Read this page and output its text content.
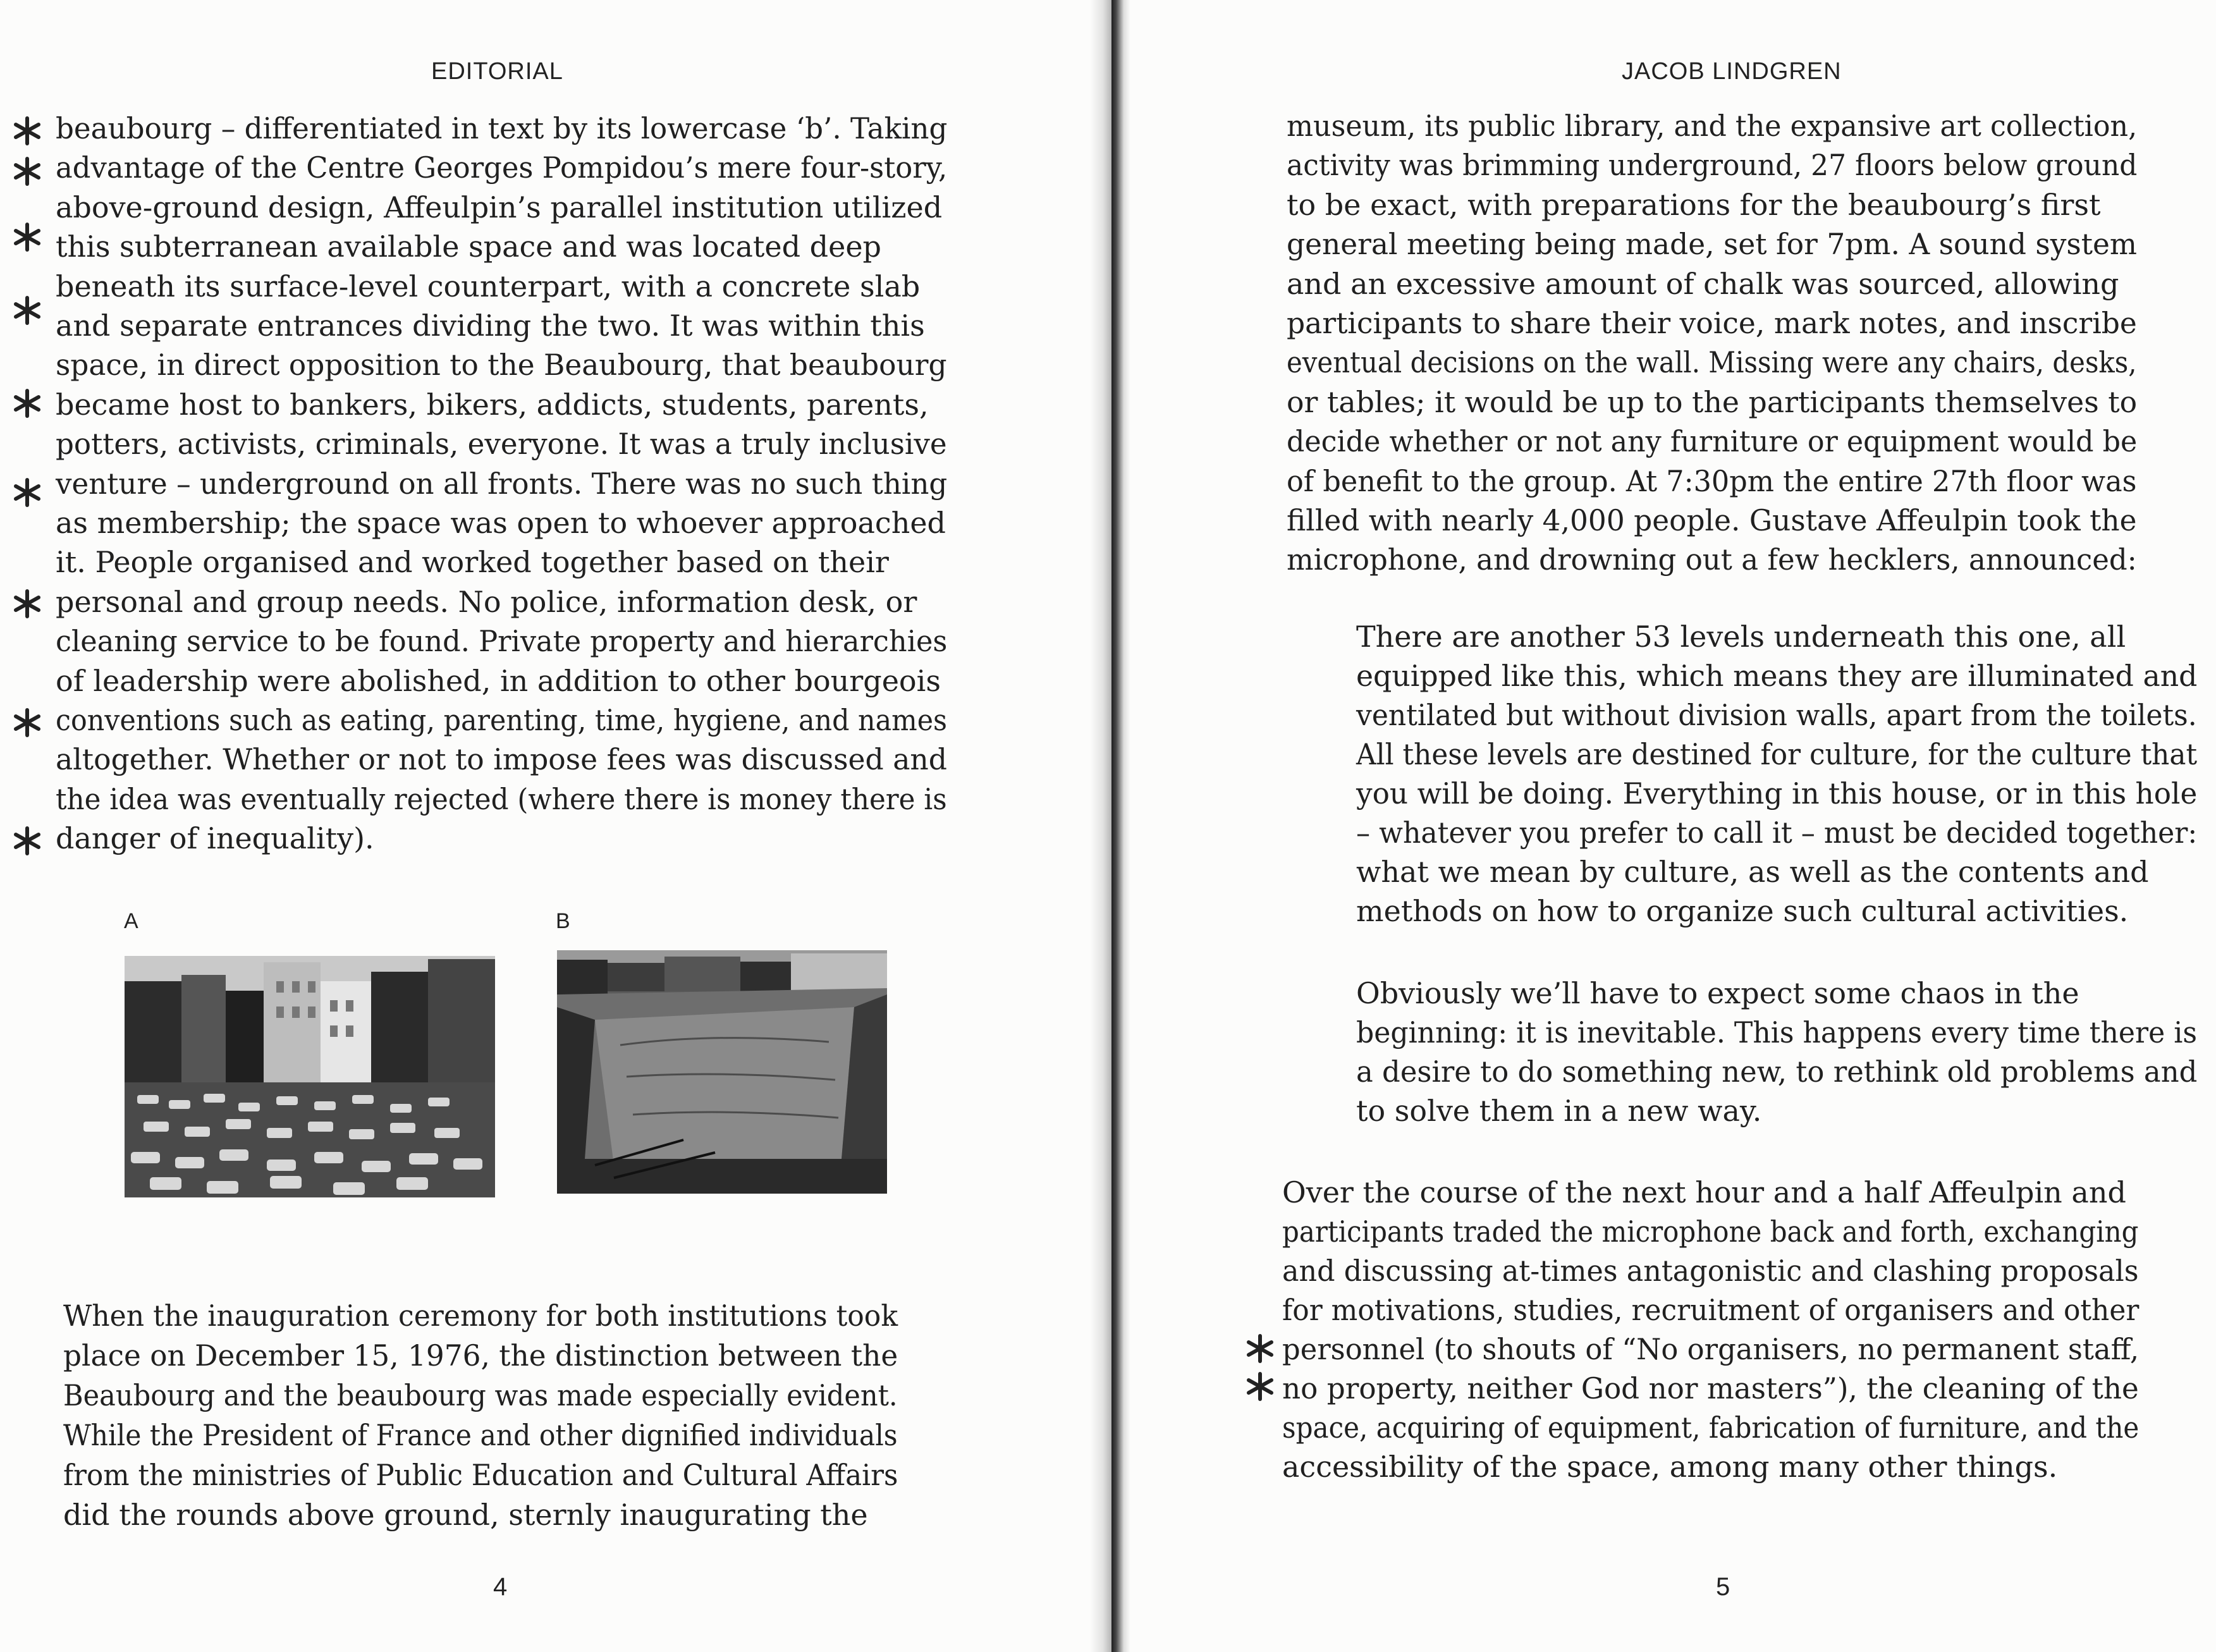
EDITORIAL
beaubourg – differentiated in text by its lowercase ‘b’. Taking
advantage of the Centre Georges Pompidou’s mere four-story,
above-ground design, Affeulpin’s parallel institution utilized
this subterranean available space and was located deep
beneath its surface-level counterpart, with a concrete slab
and separate entrances dividing the two. It was within this
space, in direct opposition to the Beaubourg, that beaubourg
became host to bankers, bikers, addicts, students, parents,
potters, activists, criminals, everyone. It was a truly inclusive
venture – underground on all fronts. There was no such thing
as membership; the space was open to whoever approached
it. People organised and worked together based on their
personal and group needs. No police, information desk, or
cleaning service to be found. Private property and hierarchies
of leadership were abolished, in addition to other bourgeois
conventions such as eating, parenting, time, hygiene, and names
altogether. Whether or not to impose fees was discussed and
the idea was eventually rejected (where there is money there is
danger of inequality).
A	B
When the inauguration ceremony for both institutions took
place on December 15, 1976, the distinction between the
Beaubourg and the beaubourg was made especially evident.
While the President of France and other dignified individuals
from the ministries of Public Education and Cultural Affairs
did the rounds above ground, sternly inaugurating the
4
JACOB LINDGREN
museum, its public library, and the expansive art collection,
activity was brimming underground, 27 floors below ground
to be exact, with preparations for the beaubourg’s first
general meeting being made, set for 7pm. A sound system
and an excessive amount of chalk was sourced, allowing
participants to share their voice, mark notes, and inscribe
eventual decisions on the wall. Missing were any chairs, desks,
or tables; it would be up to the participants themselves to
decide whether or not any furniture or equipment would be
of benefit to the group. At 7:30pm the entire 27th floor was
filled with nearly 4,000 people. Gustave Affeulpin took the
microphone, and drowning out a few hecklers, announced:
There are another 53 levels underneath this one, all
equipped like this, which means they are illuminated and
ventilated but without division walls, apart from the toilets.
All these levels are destined for culture, for the culture that
you will be doing. Everything in this house, or in this hole
– whatever you prefer to call it – must be decided together:
what we mean by culture, as well as the contents and
methods on how to organize such cultural activities.
Obviously we’ll have to expect some chaos in the
beginning: it is inevitable. This happens every time there is
a desire to do something new, to rethink old problems and
to solve them in a new way.
Over the course of the next hour and a half Affeulpin and
participants traded the microphone back and forth, exchanging
and discussing at-times antagonistic and clashing proposals
for motivations, studies, recruitment of organisers and other
personnel (to shouts of “No organisers, no permanent staff,
no property, neither God nor masters”), the cleaning of the
space, acquiring of equipment, fabrication of furniture, and the
accessibility of the space, among many other things.
5
